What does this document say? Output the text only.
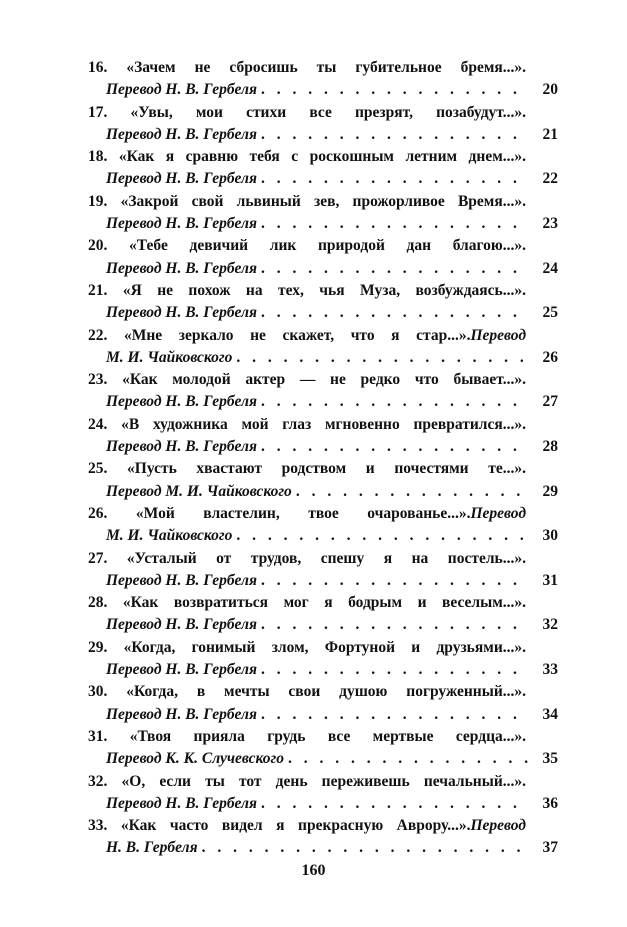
16. «Зачем не сбросишь ты губительное бремя...».
Перевод Н. В. Гербеля . . .	20
17. «Увы, мои стихи все презрят, позабудут...».
Перевод Н. В. Гербеля . . .	21
18. «Как я сравню тебя с роскошным летним днем...».
Перевод Н. В. Гербеля . . .	22
19. «Закрой свой львиный зев, прожорливое Время...».
Перевод Н. В. Гербеля . . .	23
20. «Тебе девичий лик природой дан благою...».
Перевод Н. В. Гербеля . . .	24
21. «Я не похож на тех, чья Муза, возбуждаясь...».
Перевод Н. В. Гербеля . . .	25
22. «Мне зеркало не скажет, что я стар...».Перевод
М. И. Чайковского . . .	26
23. «Как молодой актер — не редко что бывает...».
Перевод Н. В. Гербеля . . .	27
24. «В художника мой глаз мгновенно превратился...».
Перевод Н. В. Гербеля . . .	28
25. «Пусть хвастают родством и почестями те...».
Перевод М. И. Чайковского . . .	29
26. «Мой властелин, твое очарованье...».Перевод
М. И. Чайковского . . .	30
27. «Усталый от трудов, спешу я на постель...».
Перевод Н. В. Гербеля . . .	31
28. «Как возвратиться мог я бодрым и веселым...».
Перевод Н. В. Гербеля . . .	32
29. «Когда, гонимый злом, Фортуной и друзьями...».
Перевод Н. В. Гербеля . . .	33
30. «Когда, в мечты свои душою погруженный...».
Перевод Н. В. Гербеля . . .	34
31. «Твоя приялa грудь все мертвые сердца...».
Перевод К. К. Случевского . . .	35
32. «О, если ты тот день переживешь печальный...».
Перевод Н. В. Гербеля . . .	36
33. «Как часто видел я прекрасную Аврору...».Перевод
Н. В. Гербеля . . .	37
160
